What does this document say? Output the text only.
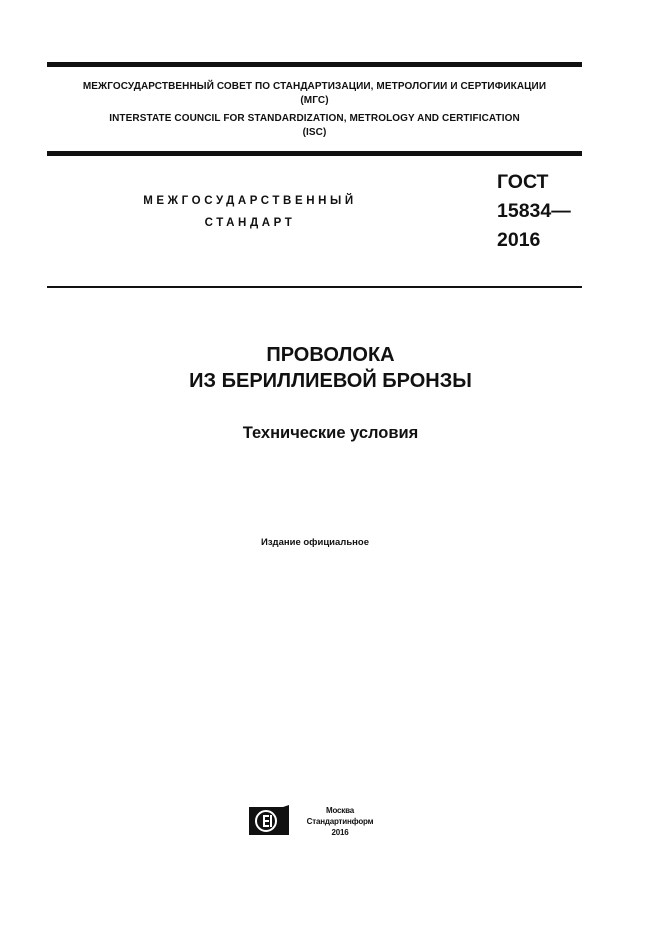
МЕЖГОСУДАРСТВЕННЫЙ СОВЕТ ПО СТАНДАРТИЗАЦИИ, МЕТРОЛОГИИ И СЕРТИФИКАЦИИ
(МГС)
INTERSTATE COUNCIL FOR STANDARDIZATION, METROLOGY AND CERTIFICATION
(ISC)
МЕЖГОСУДАРСТВЕННЫЙ
СТАНДАРТ
ГОСТ
15834—
2016
ПРОВОЛОКА
ИЗ БЕРИЛЛИЕВОЙ БРОНЗЫ
Технические условия
Издание официальное
Москва
Стандартинформ
2016
